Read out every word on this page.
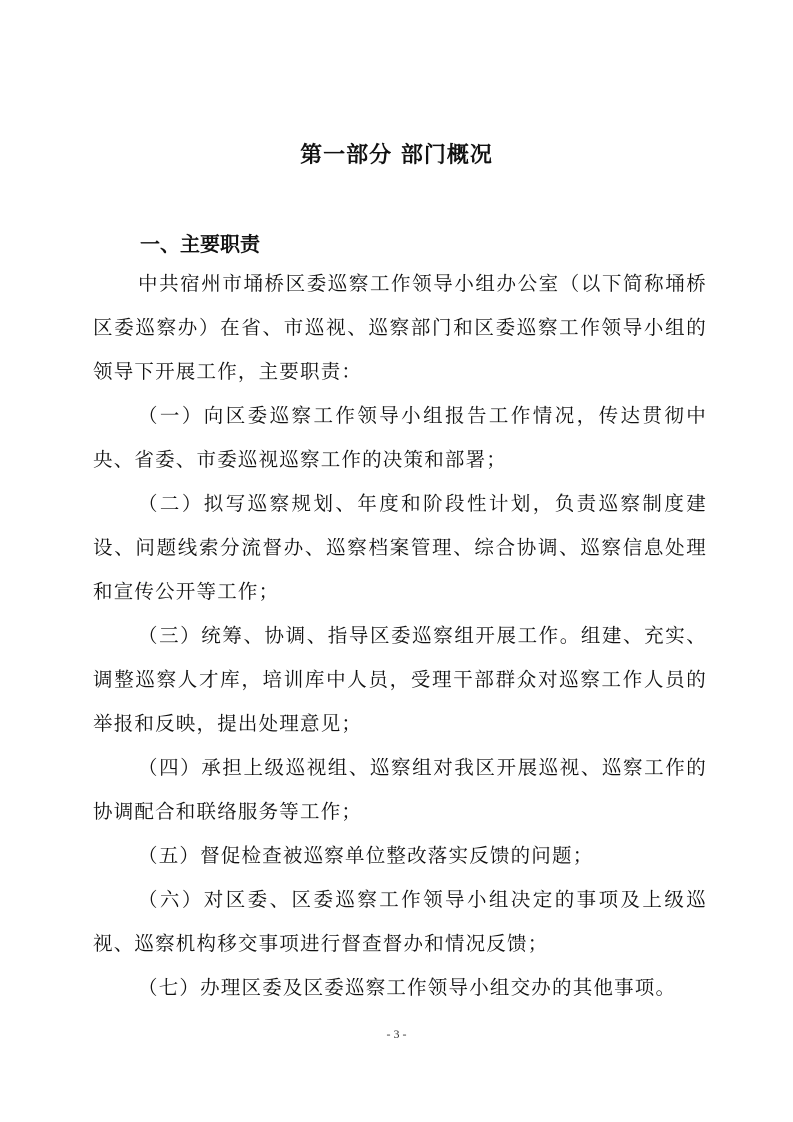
第一部分 部门概况
一、主要职责

中共宿州市埇桥区委巡察工作领导小组办公室（以下简称埇桥区委巡察办）在省、市巡视、巡察部门和区委巡察工作领导小组的领导下开展工作，主要职责：

（一）向区委巡察工作领导小组报告工作情况，传达贯彻中央、省委、市委巡视巡察工作的决策和部署；

（二）拟写巡察规划、年度和阶段性计划，负责巡察制度建设、问题线索分流督办、巡察档案管理、综合协调、巡察信息处理和宣传公开等工作；

（三）统筹、协调、指导区委巡察组开展工作。组建、充实、调整巡察人才库，培训库中人员，受理干部群众对巡察工作人员的举报和反映，提出处理意见；

（四）承担上级巡视组、巡察组对我区开展巡视、巡察工作的协调配合和联络服务等工作；

（五）督促检查被巡察单位整改落实反馈的问题；

（六）对区委、区委巡察工作领导小组决定的事项及上级巡视、巡察机构移交事项进行督查督办和情况反馈；

（七）办理区委及区委巡察工作领导小组交办的其他事项。

- 3 -
